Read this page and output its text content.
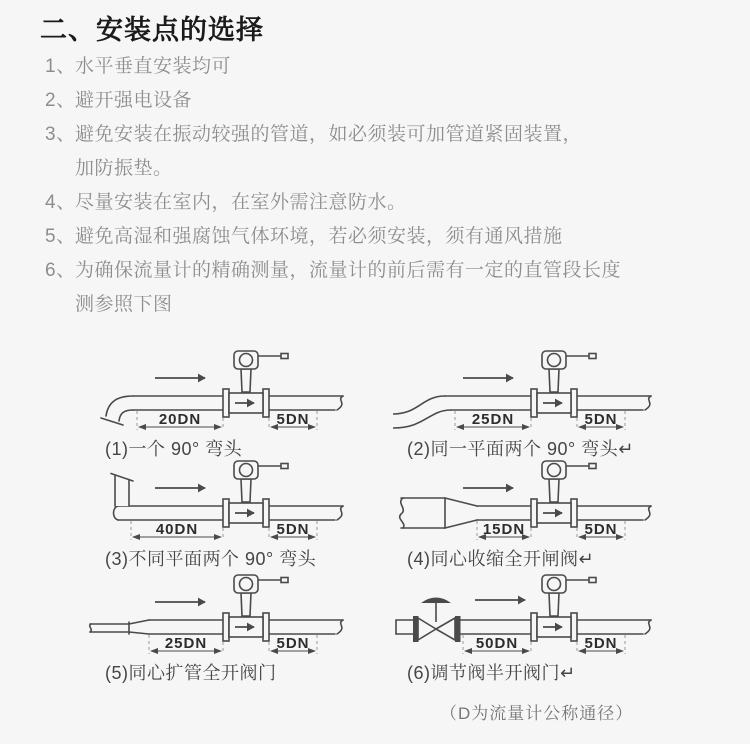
二、安装点的选择
1、 水平垂直安装均可
2、 避开强电设备
3、 避免安装在振动较强的管道，如必须装可加管道紧固装置，
加防振垫。
4、 尽量安装在室内，在室外需注意防水。
5、 避免高湿和强腐蚀气体环境，若必须安装，须有通风措施
6、 为确保流量计的精确测量，流量计的前后需有一定的直管段长度
测参照下图
20DN	5DN
(1)一个 90° 弯头
25DN	5DN
(2)同一平面两个 90° 弯头↵
40DN	5DN
(3)不同平面两个 90° 弯头
15DN	5DN
(4)同心收缩全开闸阀↵
25DN	5DN
(5)同心扩管全开阀门
50DN	5DN
(6)调节阀半开阀门↵
（D为流量计公称通径）
